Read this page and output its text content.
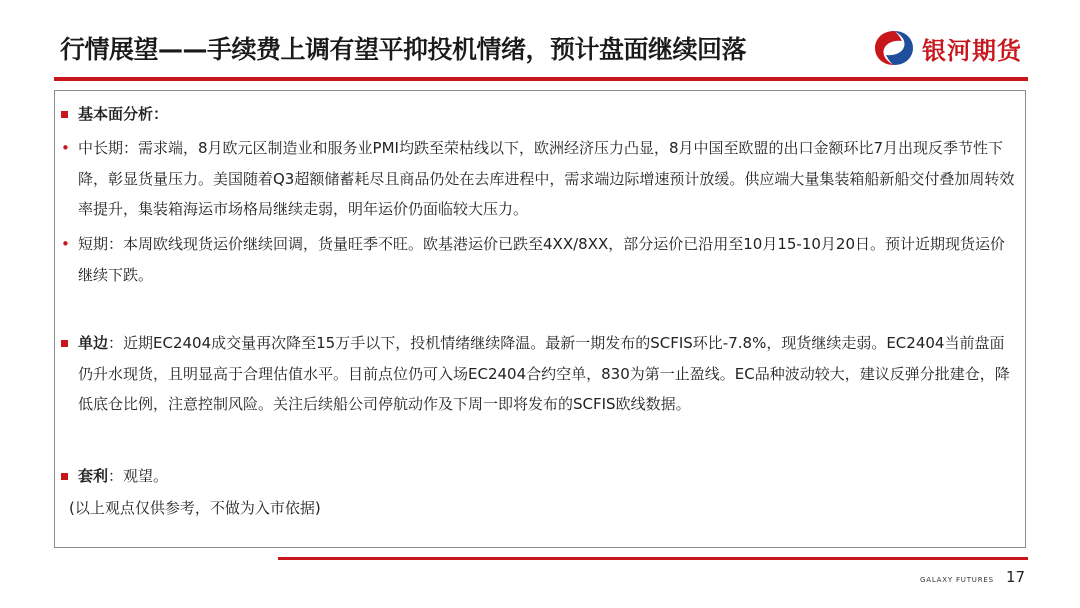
行情展望——手续费上调有望平抑投机情绪，预计盘面继续回落	银河期货
基本面分析：
• 中长期：需求端，8月欧元区制造业和服务业PMI均跌至荣枯线以下，欧洲经济压力凸显，8月中国至欧盟的出口金额环比7月出现反季节性下降，彰显货量压力。美国随着Q3超额储蓄耗尽且商品仍处在去库进程中，需求端边际增速预计放缓。供应端大量集装箱船新船交付叠加周转效率提升，集装箱海运市场格局继续走弱，明年运价仍面临较大压力。
• 短期：本周欧线现货运价继续回调，货量旺季不旺。欧基港运价已跌至4XX/8XX，部分运价已沿用至10月15-10月20日。预计近期现货运价继续下跌。
单边：近期EC2404成交量再次降至15万手以下，投机情绪继续降温。最新一期发布的SCFIS环比-7.8%，现货继续走弱。EC2404当前盘面仍升水现货，且明显高于合理估值水平。目前点位仍可入场EC2404合约空单，830为第一止盈线。EC品种波动较大，建议反弹分批建仓，降低底仓比例，注意控制风险。关注后续船公司停航动作及下周一即将发布的SCFIS欧线数据。
套利：观望。
(以上观点仅供参考，不做为入市依据)
GALAXY FUTURES 17
